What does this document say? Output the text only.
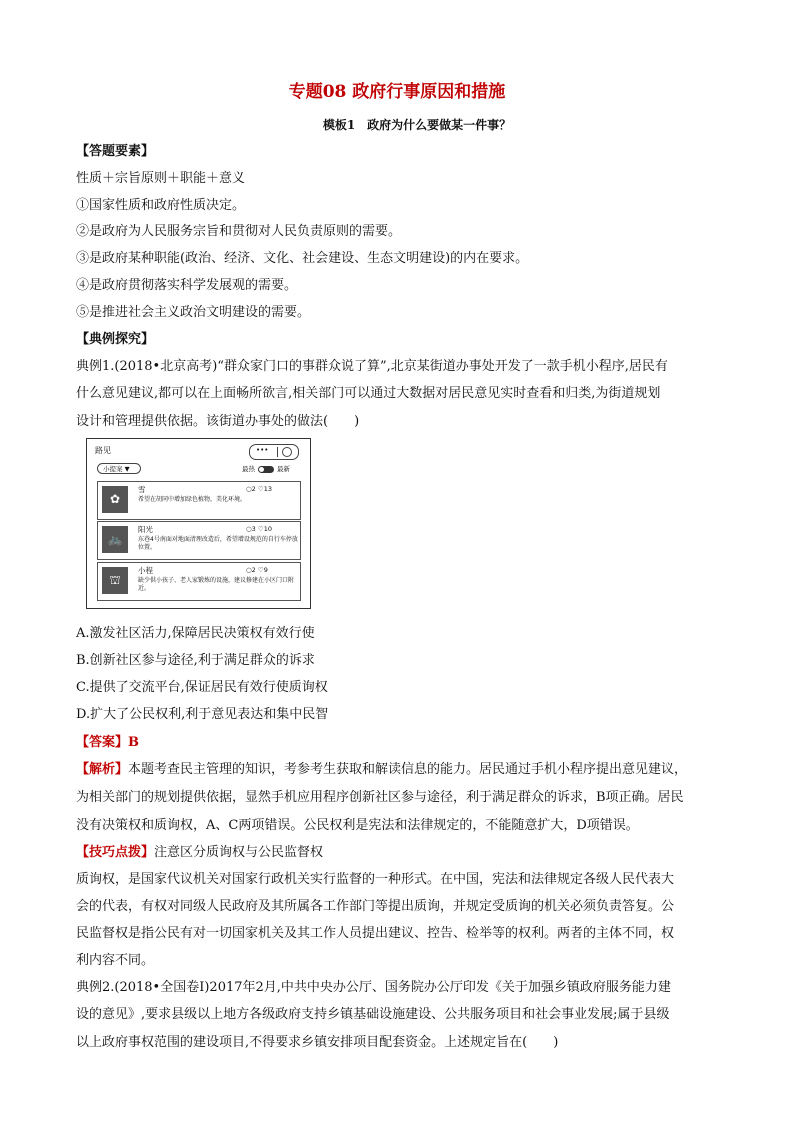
专题08 政府行事原因和措施
模板1　政府为什么要做某一件事？
【答题要素】
性质＋宗旨原则＋职能＋意义
①国家性质和政府性质决定。
②是政府为人民服务宗旨和贯彻对人民负责原则的需要。
③是政府某种职能(政治、经济、文化、社会建设、生态文明建设)的内在要求。
④是政府贯彻落实科学发展观的需要。
⑤是推进社会主义政治文明建设的需要。
【典例探究】
典例1.(2018•北京高考)“群众家门口的事群众说了算”,北京某街道办事处开发了一款手机小程序,居民有
什么意见建议,都可以在上面畅所欲言,相关部门可以通过大数据对居民意见实时查看和归类,为街道规划
设计和管理提供依据。该街道办事处的做法(　　)
路见	•••
小提案 ▼	最热	最新
✿
雪	○2 ♡13
希望在胡同中增加绿色植物，美化环境。
🚲
阳光	○3 ♡10
东巷4号南面对地面清理改造后，希望增设规范的自行车停放位置。
⛫
小程	○2 ♡9
缺少供小孩子、老人家锻炼的设施，建议修建在小区门口附近。
A.激发社区活力,保障居民决策权有效行使
B.创新社区参与途径,利于满足群众的诉求
C.提供了交流平台,保证居民有效行使质询权
D.扩大了公民权利,利于意见表达和集中民智
【答案】B
【解析】本题考查民主管理的知识，考参考生获取和解读信息的能力。居民通过手机小程序提出意见建议，
为相关部门的规划提供依据，显然手机应用程序创新社区参与途径，利于满足群众的诉求，B项正确。居民
没有决策权和质询权，A、C两项错误。公民权利是宪法和法律规定的，不能随意扩大，D项错误。
【技巧点拨】注意区分质询权与公民监督权
质询权，是国家代议机关对国家行政机关实行监督的一种形式。在中国，宪法和法律规定各级人民代表大
会的代表，有权对同级人民政府及其所属各工作部门等提出质询，并规定受质询的机关必须负责答复。公
民监督权是指公民有对一切国家机关及其工作人员提出建议、控告、检举等的权利。两者的主体不同，权
利内容不同。
典例2.(2018•全国卷Ⅰ)2017年2月,中共中央办公厅、国务院办公厅印发《关于加强乡镇政府服务能力建
设的意见》,要求县级以上地方各级政府支持乡镇基础设施建设、公共服务项目和社会事业发展;属于县级
以上政府事权范围的建设项目,不得要求乡镇安排项目配套资金。上述规定旨在(　　)
